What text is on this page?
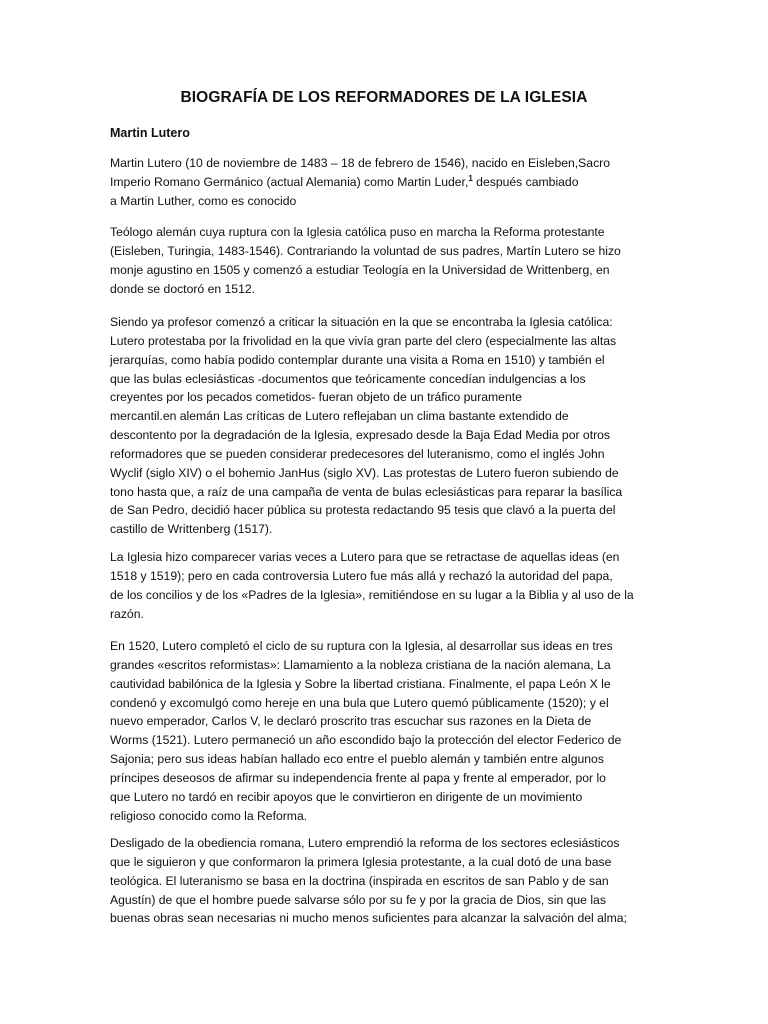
BIOGRAFÍA DE LOS REFORMADORES DE LA IGLESIA
Martin Lutero
Martin Lutero (10 de noviembre de 1483 – 18 de febrero de 1546), nacido en Eisleben,Sacro
Imperio Romano Germánico (actual Alemania) como Martin Luder,$^1$ después cambiado
a Martin Luther, como es conocido
Teólogo alemán cuya ruptura con la Iglesia católica puso en marcha la Reforma protestante
(Eisleben, Turingia, 1483-1546). Contrariando la voluntad de sus padres, Martín Lutero se hizo
monje agustino en 1505 y comenzó a estudiar Teología en la Universidad de Writtenberg, en
donde se doctoró en 1512.
Siendo ya profesor comenzó a criticar la situación en la que se encontraba la Iglesia católica:
Lutero protestaba por la frivolidad en la que vivía gran parte del clero (especialmente las altas
jerarquías, como había podido contemplar durante una visita a Roma en 1510) y también el
que las bulas eclesiásticas -documentos que teóricamente concedían indulgencias a los
creyentes por los pecados cometidos- fueran objeto de un tráfico puramente
mercantil.en alemán Las críticas de Lutero reflejaban un clima bastante extendido de
descontento por la degradación de la Iglesia, expresado desde la Baja Edad Media por otros
reformadores que se pueden considerar predecesores del luteranismo, como el inglés John
Wyclif (siglo XIV) o el bohemio JanHus (siglo XV). Las protestas de Lutero fueron subiendo de
tono hasta que, a raíz de una campaña de venta de bulas eclesiásticas para reparar la basílica
de San Pedro, decidió hacer pública su protesta redactando 95 tesis que clavó a la puerta del
castillo de Writtenberg (1517).
La Iglesia hizo comparecer varias veces a Lutero para que se retractase de aquellas ideas (en
1518 y 1519); pero en cada controversia Lutero fue más allá y rechazó la autoridad del papa,
de los concilios y de los «Padres de la Iglesia», remitiéndose en su lugar a la Biblia y al uso de la
razón.
En 1520, Lutero completó el ciclo de su ruptura con la Iglesia, al desarrollar sus ideas en tres
grandes «escritos reformistas»: Llamamiento a la nobleza cristiana de la nación alemana, La
cautividad babilónica de la Iglesia y Sobre la libertad cristiana. Finalmente, el papa León X le
condenó y excomulgó como hereje en una bula que Lutero quemó públicamente (1520); y el
nuevo emperador, Carlos V, le declaró proscrito tras escuchar sus razones en la Dieta de
Worms (1521). Lutero permaneció un año escondido bajo la protección del elector Federico de
Sajonia; pero sus ideas habían hallado eco entre el pueblo alemán y también entre algunos
príncipes deseosos de afirmar su independencia frente al papa y frente al emperador, por lo
que Lutero no tardó en recibir apoyos que le convirtieron en dirigente de un movimiento
religioso conocido como la Reforma.
Desligado de la obediencia romana, Lutero emprendió la reforma de los sectores eclesiásticos
que le siguieron y que conformaron la primera Iglesia protestante, a la cual dotó de una base
teológica. El luteranismo se basa en la doctrina (inspirada en escritos de san Pablo y de san
Agustín) de que el hombre puede salvarse sólo por su fe y por la gracia de Dios, sin que las
buenas obras sean necesarias ni mucho menos suficientes para alcanzar la salvación del alma;
